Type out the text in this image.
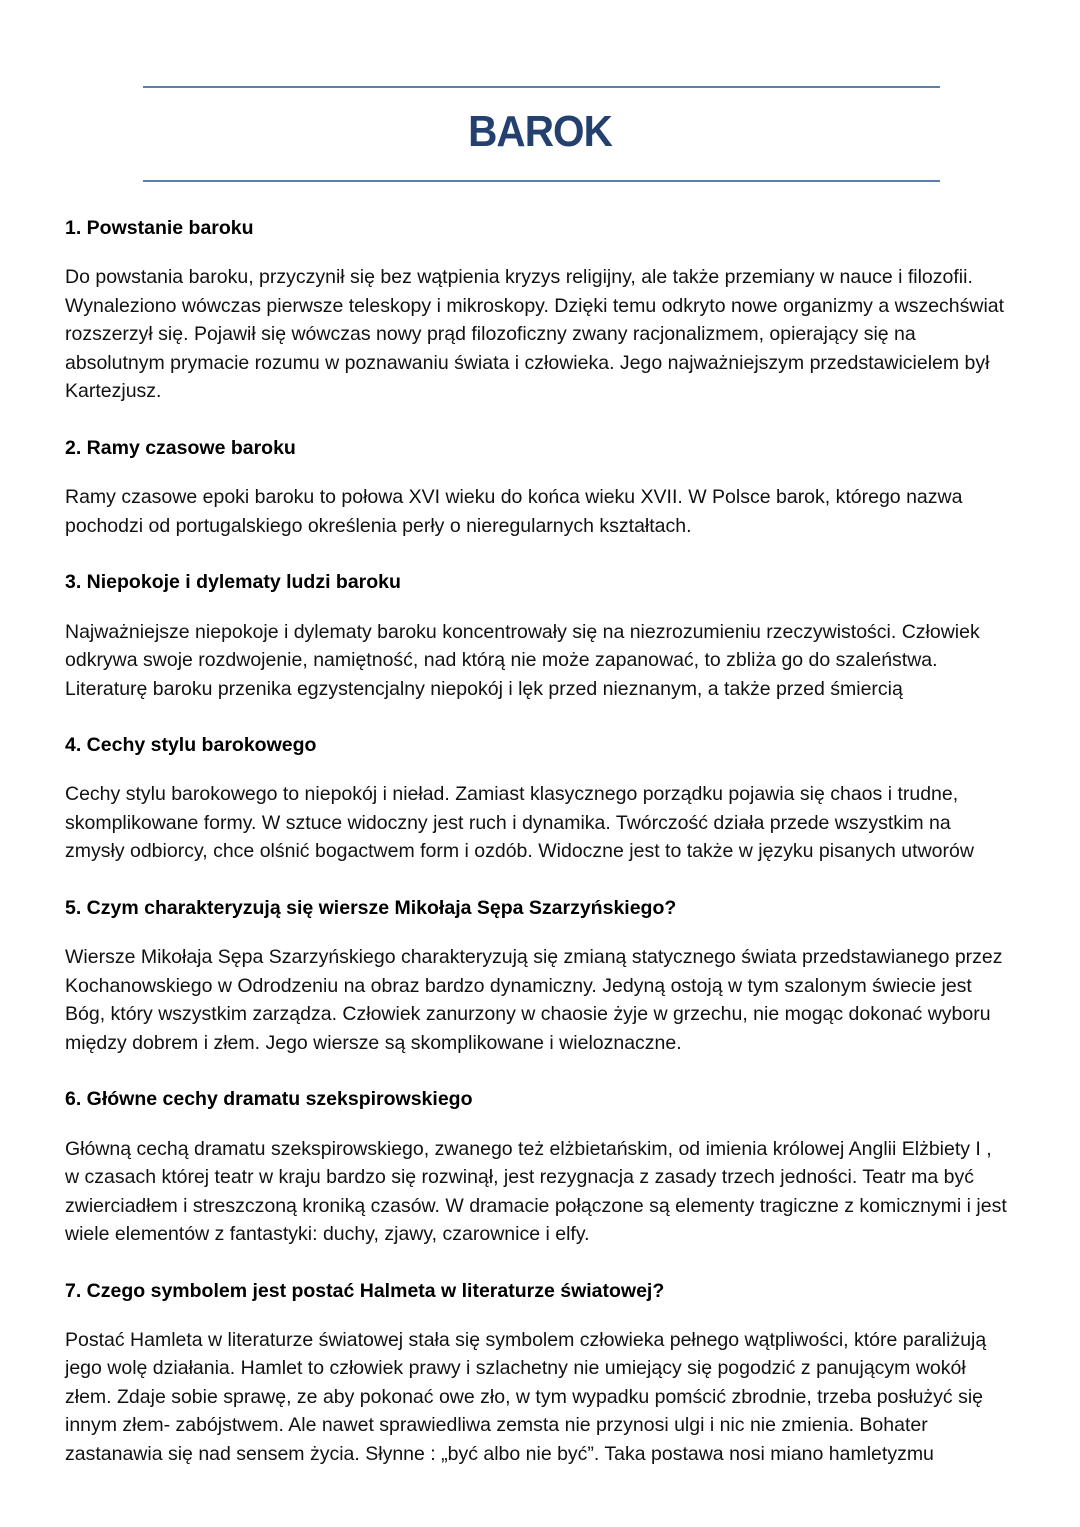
BAROK
1. Powstanie baroku

Do powstania baroku, przyczynił się bez wątpienia kryzys religijny, ale także przemiany w nauce i filozofii. Wynaleziono wówczas pierwsze teleskopy i mikroskopy. Dzięki temu odkryto nowe organizmy a wszechświat rozszerzył się. Pojawił się wówczas nowy prąd filozoficzny zwany racjonalizmem, opierający się na absolutnym prymacie rozumu w poznawaniu świata i człowieka. Jego najważniejszym przedstawicielem był Kartezjusz.

2. Ramy czasowe baroku

Ramy czasowe epoki baroku to połowa XVI wieku do końca wieku XVII. W Polsce barok, którego nazwa pochodzi od portugalskiego określenia perły o nieregularnych kształtach.

3. Niepokoje i dylematy ludzi baroku

Najważniejsze niepokoje i dylematy baroku koncentrowały się na niezrozumieniu rzeczywistości. Człowiek odkrywa swoje rozdwojenie, namiętność, nad którą nie może zapanować, to zbliża go do szaleństwa. Literaturę baroku przenika egzystencjalny niepokój i lęk przed nieznanym, a także przed śmiercią

4. Cechy stylu barokowego

Cechy stylu barokowego to niepokój i nieład. Zamiast klasycznego porządku pojawia się chaos i trudne, skomplikowane formy. W sztuce widoczny jest ruch i dynamika. Twórczość działa przede wszystkim na zmysły odbiorcy, chce olśnić bogactwem form i ozdób. Widoczne jest to także w języku pisanych utworów

5. Czym charakteryzują się wiersze Mikołaja Sępa Szarzyńskiego?

Wiersze Mikołaja Sępa Szarzyńskiego charakteryzują się zmianą statycznego świata przedstawianego przez Kochanowskiego w Odrodzeniu na obraz bardzo dynamiczny. Jedyną ostoją w tym szalonym świecie jest Bóg, który wszystkim zarządza. Człowiek zanurzony w chaosie żyje w grzechu, nie mogąc dokonać wyboru między dobrem i złem. Jego wiersze są skomplikowane i wieloznaczne.

6. Główne cechy dramatu szekspirowskiego

Główną cechą dramatu szekspirowskiego, zwanego też elżbietańskim, od imienia królowej Anglii Elżbiety I , w czasach której teatr w kraju bardzo się rozwinął, jest rezygnacja z zasady trzech jedności. Teatr ma być zwierciadłem i streszczoną kroniką czasów. W dramacie połączone są elementy tragiczne z komicznymi i jest wiele elementów z fantastyki: duchy, zjawy, czarownice i elfy.

7. Czego symbolem jest postać Halmeta w literaturze światowej?

Postać Hamleta w literaturze światowej stała się symbolem człowieka pełnego wątpliwości, które paraliżują jego wolę działania. Hamlet to człowiek prawy i szlachetny nie umiejący się pogodzić z panującym wokół złem. Zdaje sobie sprawę, ze aby pokonać owe zło, w tym wypadku pomścić zbrodnie, trzeba posłużyć się innym złem- zabójstwem. Ale nawet sprawiedliwa zemsta nie przynosi ulgi i nic nie zmienia. Bohater zastanawia się nad sensem życia. Słynne : „być albo nie być”. Taka postawa nosi miano hamletyzmu
